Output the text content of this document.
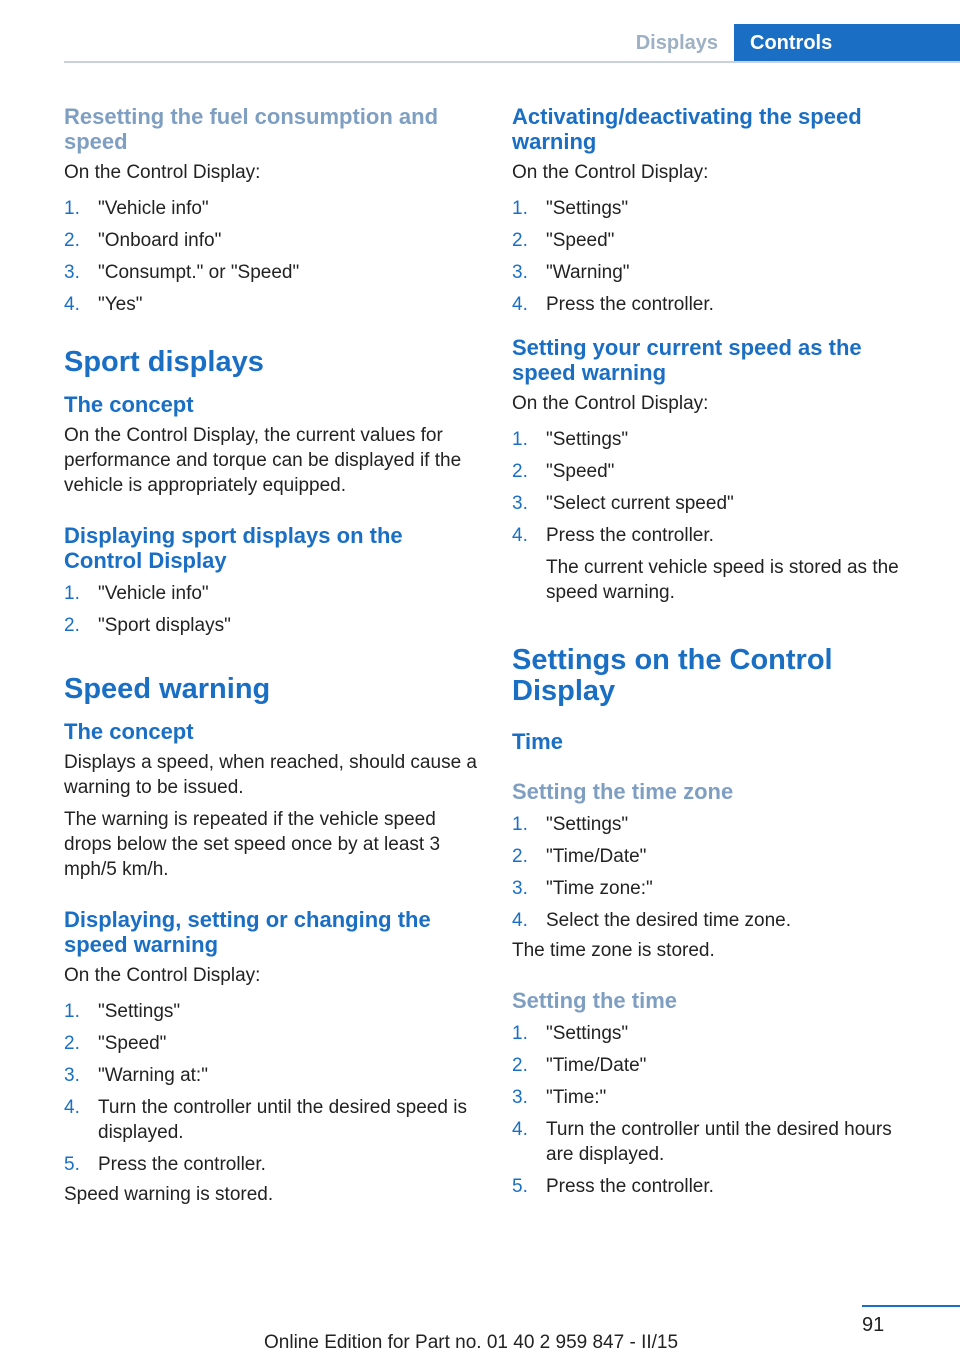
Displays	Controls
Resetting the fuel consumption and speed
On the Control Display:
1. "Vehicle info"
2. "Onboard info"
3. "Consumpt." or "Speed"
4. "Yes"
Sport displays
The concept
On the Control Display, the current values for performance and torque can be displayed if the vehicle is appropriately equipped.
Displaying sport displays on the Control Display
1. "Vehicle info"
2. "Sport displays"
Speed warning
The concept
Displays a speed, when reached, should cause a warning to be issued.
The warning is repeated if the vehicle speed drops below the set speed once by at least 3 mph/5 km/h.
Displaying, setting or changing the speed warning
On the Control Display:
1. "Settings"
2. "Speed"
3. "Warning at:"
4. Turn the controller until the desired speed is displayed.
5. Press the controller.
Speed warning is stored.
Activating/deactivating the speed warning
On the Control Display:
1. "Settings"
2. "Speed"
3. "Warning"
4. Press the controller.
Setting your current speed as the speed warning
On the Control Display:
1. "Settings"
2. "Speed"
3. "Select current speed"
4. Press the controller.
The current vehicle speed is stored as the speed warning.
Settings on the Control Display
Time
Setting the time zone
1. "Settings"
2. "Time/Date"
3. "Time zone:"
4. Select the desired time zone.
The time zone is stored.
Setting the time
1. "Settings"
2. "Time/Date"
3. "Time:"
4. Turn the controller until the desired hours are displayed.
5. Press the controller.
91
Online Edition for Part no. 01 40 2 959 847 - II/15
